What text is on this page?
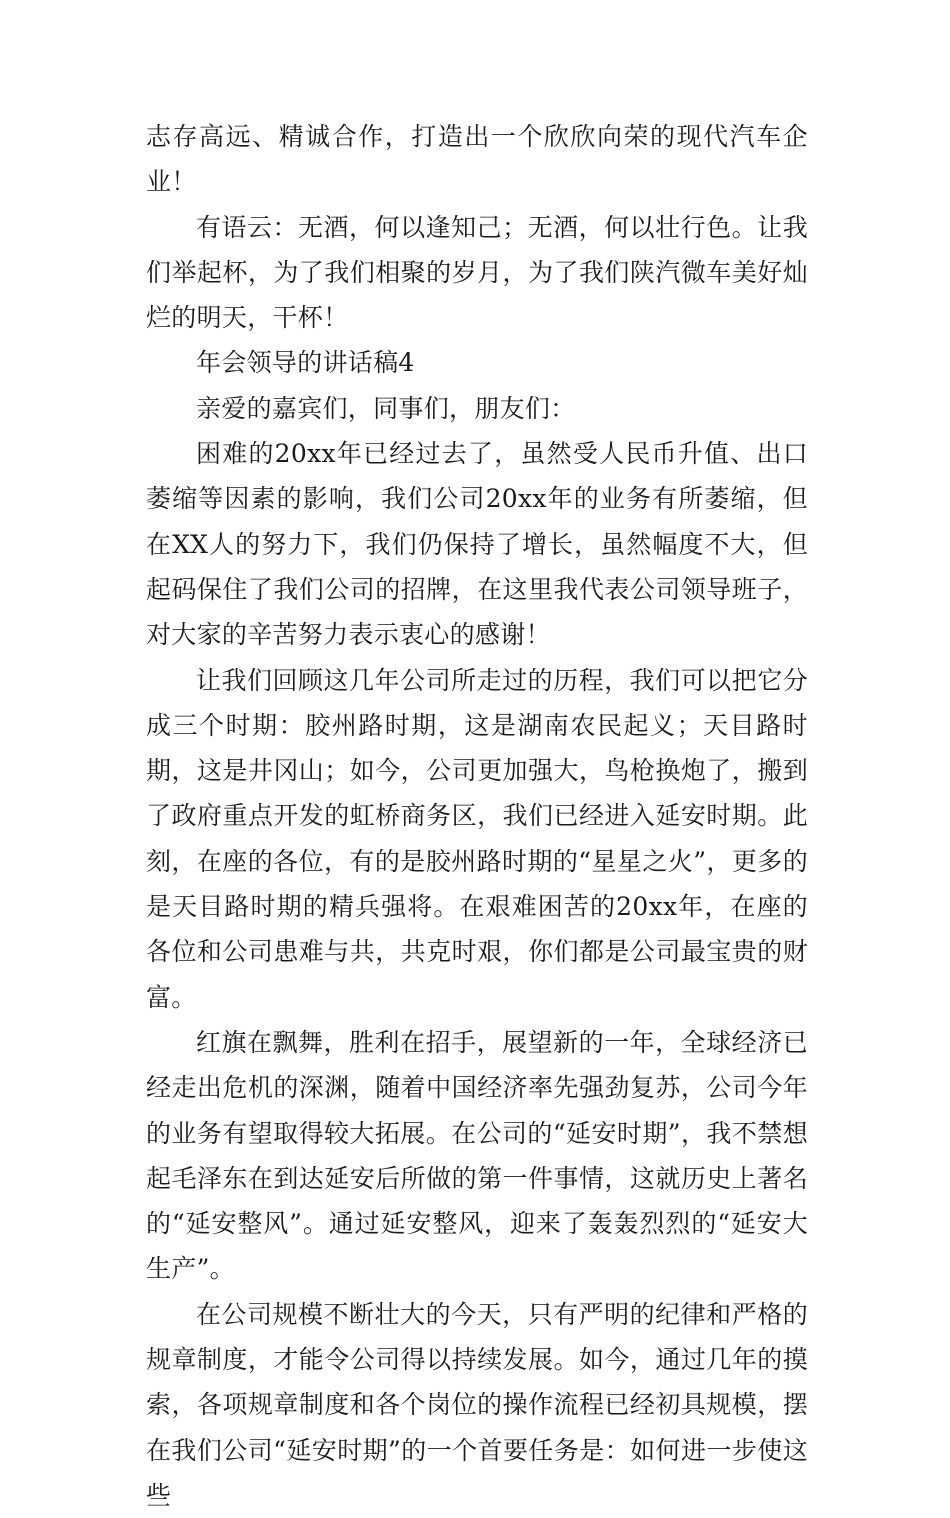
志存高远、精诚合作，打造出一个欣欣向荣的现代汽车企业！

有语云：无酒，何以逢知己；无酒，何以壮行色。让我们举起杯，为了我们相聚的岁月，为了我们陕汽微车美好灿烂的明天，干杯！

年会领导的讲话稿4

亲爱的嘉宾们，同事们，朋友们：

困难的20xx年已经过去了，虽然受人民币升值、出口萎缩等因素的影响，我们公司20xx年的业务有所萎缩，但在XX人的努力下，我们仍保持了增长，虽然幅度不大，但起码保住了我们公司的招牌，在这里我代表公司领导班子，对大家的辛苦努力表示衷心的感谢！

让我们回顾这几年公司所走过的历程，我们可以把它分成三个时期：胶州路时期，这是湖南农民起义；天目路时期，这是井冈山；如今，公司更加强大，鸟枪换炮了，搬到了政府重点开发的虹桥商务区，我们已经进入延安时期。此刻，在座的各位，有的是胶州路时期的“星星之火”，更多的是天目路时期的精兵强将。在艰难困苦的20xx年，在座的各位和公司患难与共，共克时艰，你们都是公司最宝贵的财富。

红旗在飘舞，胜利在招手，展望新的一年，全球经济已经走出危机的深渊，随着中国经济率先强劲复苏，公司今年的业务有望取得较大拓展。在公司的“延安时期”，我不禁想起毛泽东在到达延安后所做的第一件事情，这就历史上著名的“延安整风”。通过延安整风，迎来了轰轰烈烈的“延安大生产”。

在公司规模不断壮大的今天，只有严明的纪律和严格的规章制度，才能令公司得以持续发展。如今，通过几年的摸索，各项规章制度和各个岗位的操作流程已经初具规模，摆在我们公司“延安时期”的一个首要任务是：如何进一步使这些
